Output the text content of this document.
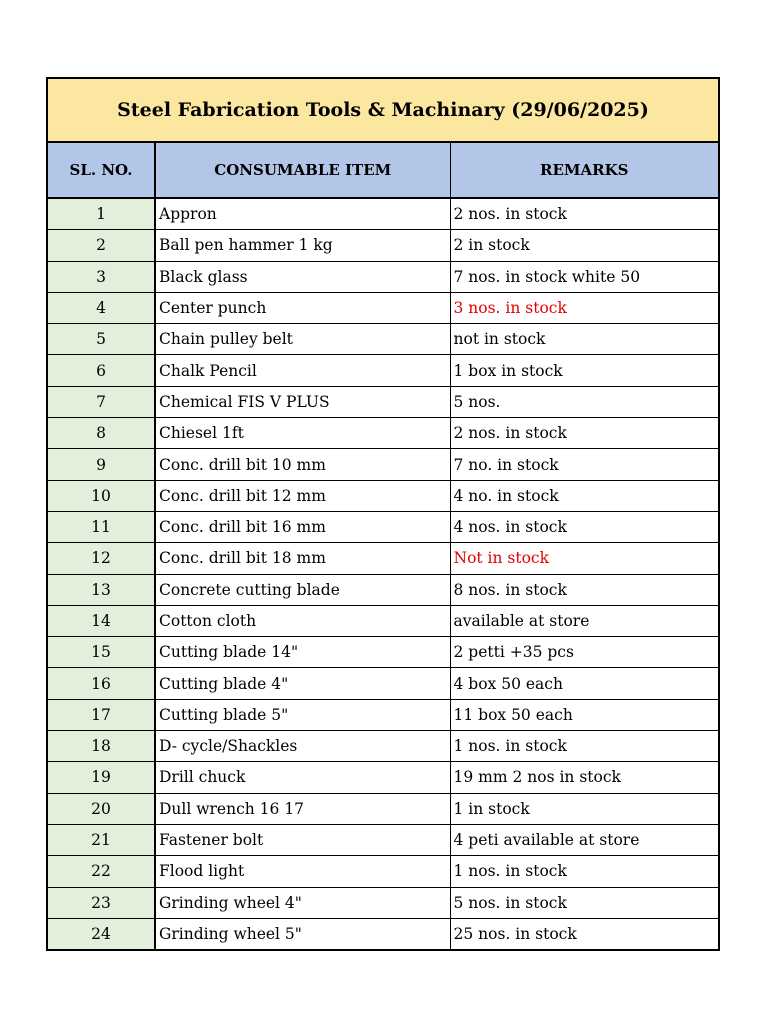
Steel Fabrication Tools & Machinary (29/06/2025)
SL. NO.	CONSUMABLE ITEM	REMARKS
1	Appron	2 nos. in stock
2	Ball pen hammer 1 kg	2 in stock
3	Black glass	7 nos. in stock white 50
4	Center punch	3 nos. in stock
5	Chain pulley belt	not in stock
6	Chalk Pencil	1 box in stock
7	Chemical FIS V PLUS	5 nos.
8	Chiesel 1ft	2 nos. in stock
9	Conc. drill bit 10 mm	7 no. in stock
10	Conc. drill bit 12 mm	4 no. in stock
11	Conc. drill bit 16 mm	4 nos. in stock
12	Conc. drill bit 18 mm	Not in stock
13	Concrete cutting blade	8 nos. in stock
14	Cotton cloth	available at store
15	Cutting blade 14"	2 petti +35 pcs
16	Cutting blade 4"	4 box 50 each
17	Cutting blade 5"	11 box 50 each
18	D- cycle/Shackles	1 nos. in stock
19	Drill chuck	19 mm 2 nos in stock
20	Dull wrench 16 17	1 in stock
21	Fastener bolt	4 peti available at store
22	Flood light	1 nos. in stock
23	Grinding wheel 4"	5 nos. in stock
24	Grinding wheel 5"	25 nos. in stock
